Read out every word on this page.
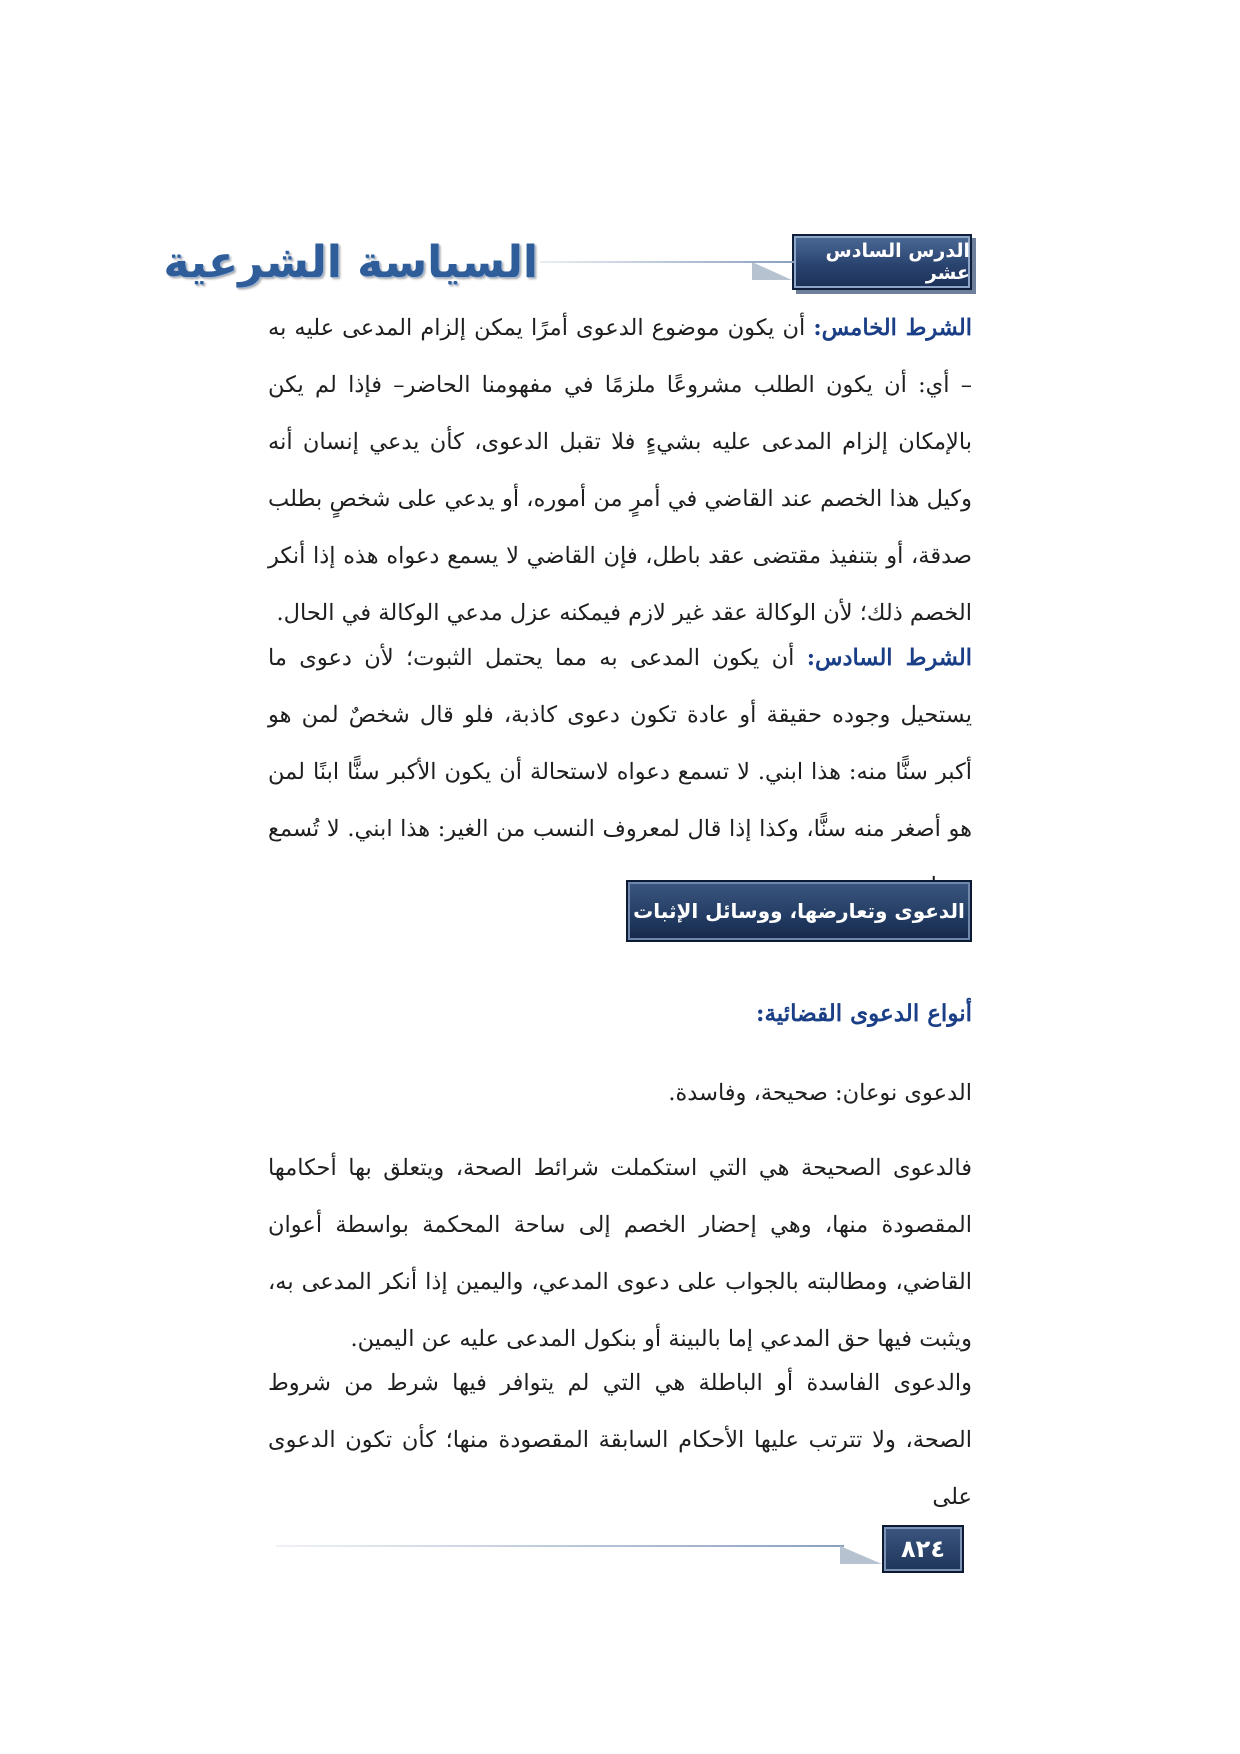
الدرس السادس عشر
السياسة الشرعية

الشرط الخامس: أن يكون موضوع الدعوى أمرًا يمكن إلزام المدعى عليه به – أي: أن يكون الطلب مشروعًا ملزمًا في مفهومنا الحاضر– فإذا لم يكن بالإمكان إلزام المدعى عليه بشيءٍ فلا تقبل الدعوى، كأن يدعي إنسان أنه وكيل هذا الخصم عند القاضي في أمرٍ من أموره، أو يدعي على شخصٍ بطلب صدقة، أو بتنفيذ مقتضى عقد باطل، فإن القاضي لا يسمع دعواه هذه إذا أنكر الخصم ذلك؛ لأن الوكالة عقد غير لازم فيمكنه عزل مدعي الوكالة في الحال.

الشرط السادس: أن يكون المدعى به مما يحتمل الثبوت؛ لأن دعوى ما يستحيل وجوده حقيقة أو عادة تكون دعوى كاذبة، فلو قال شخصٌ لمن هو أكبر سنًّا منه: هذا ابني. لا تسمع دعواه لاستحالة أن يكون الأكبر سنًّا ابنًا لمن هو أصغر منه سنًّا، وكذا إذا قال لمعروف النسب من الغير: هذا ابني. لا تُسمع

الدعوى وتعارضها، ووسائل الإثبات
أنواع الدعوى القضائية:

الدعوى نوعان: صحيحة، وفاسدة.

فالدعوى الصحيحة هي التي استكملت شرائط الصحة، ويتعلق بها أحكامها المقصودة منها، وهي إحضار الخصم إلى ساحة المحكمة بواسطة أعوان القاضي، ومطالبته بالجواب على دعوى المدعي، واليمين إذا أنكر المدعى به، ويثبت فيها حق المدعي إما بالبينة أو بنكول المدعى عليه عن اليمين.

والدعوى الفاسدة أو الباطلة هي التي لم يتوافر فيها شرط من شروط الصحة، ولا تترتب عليها الأحكام السابقة المقصودة منها؛ كأن تكون الدعوى على

٨٢٤
